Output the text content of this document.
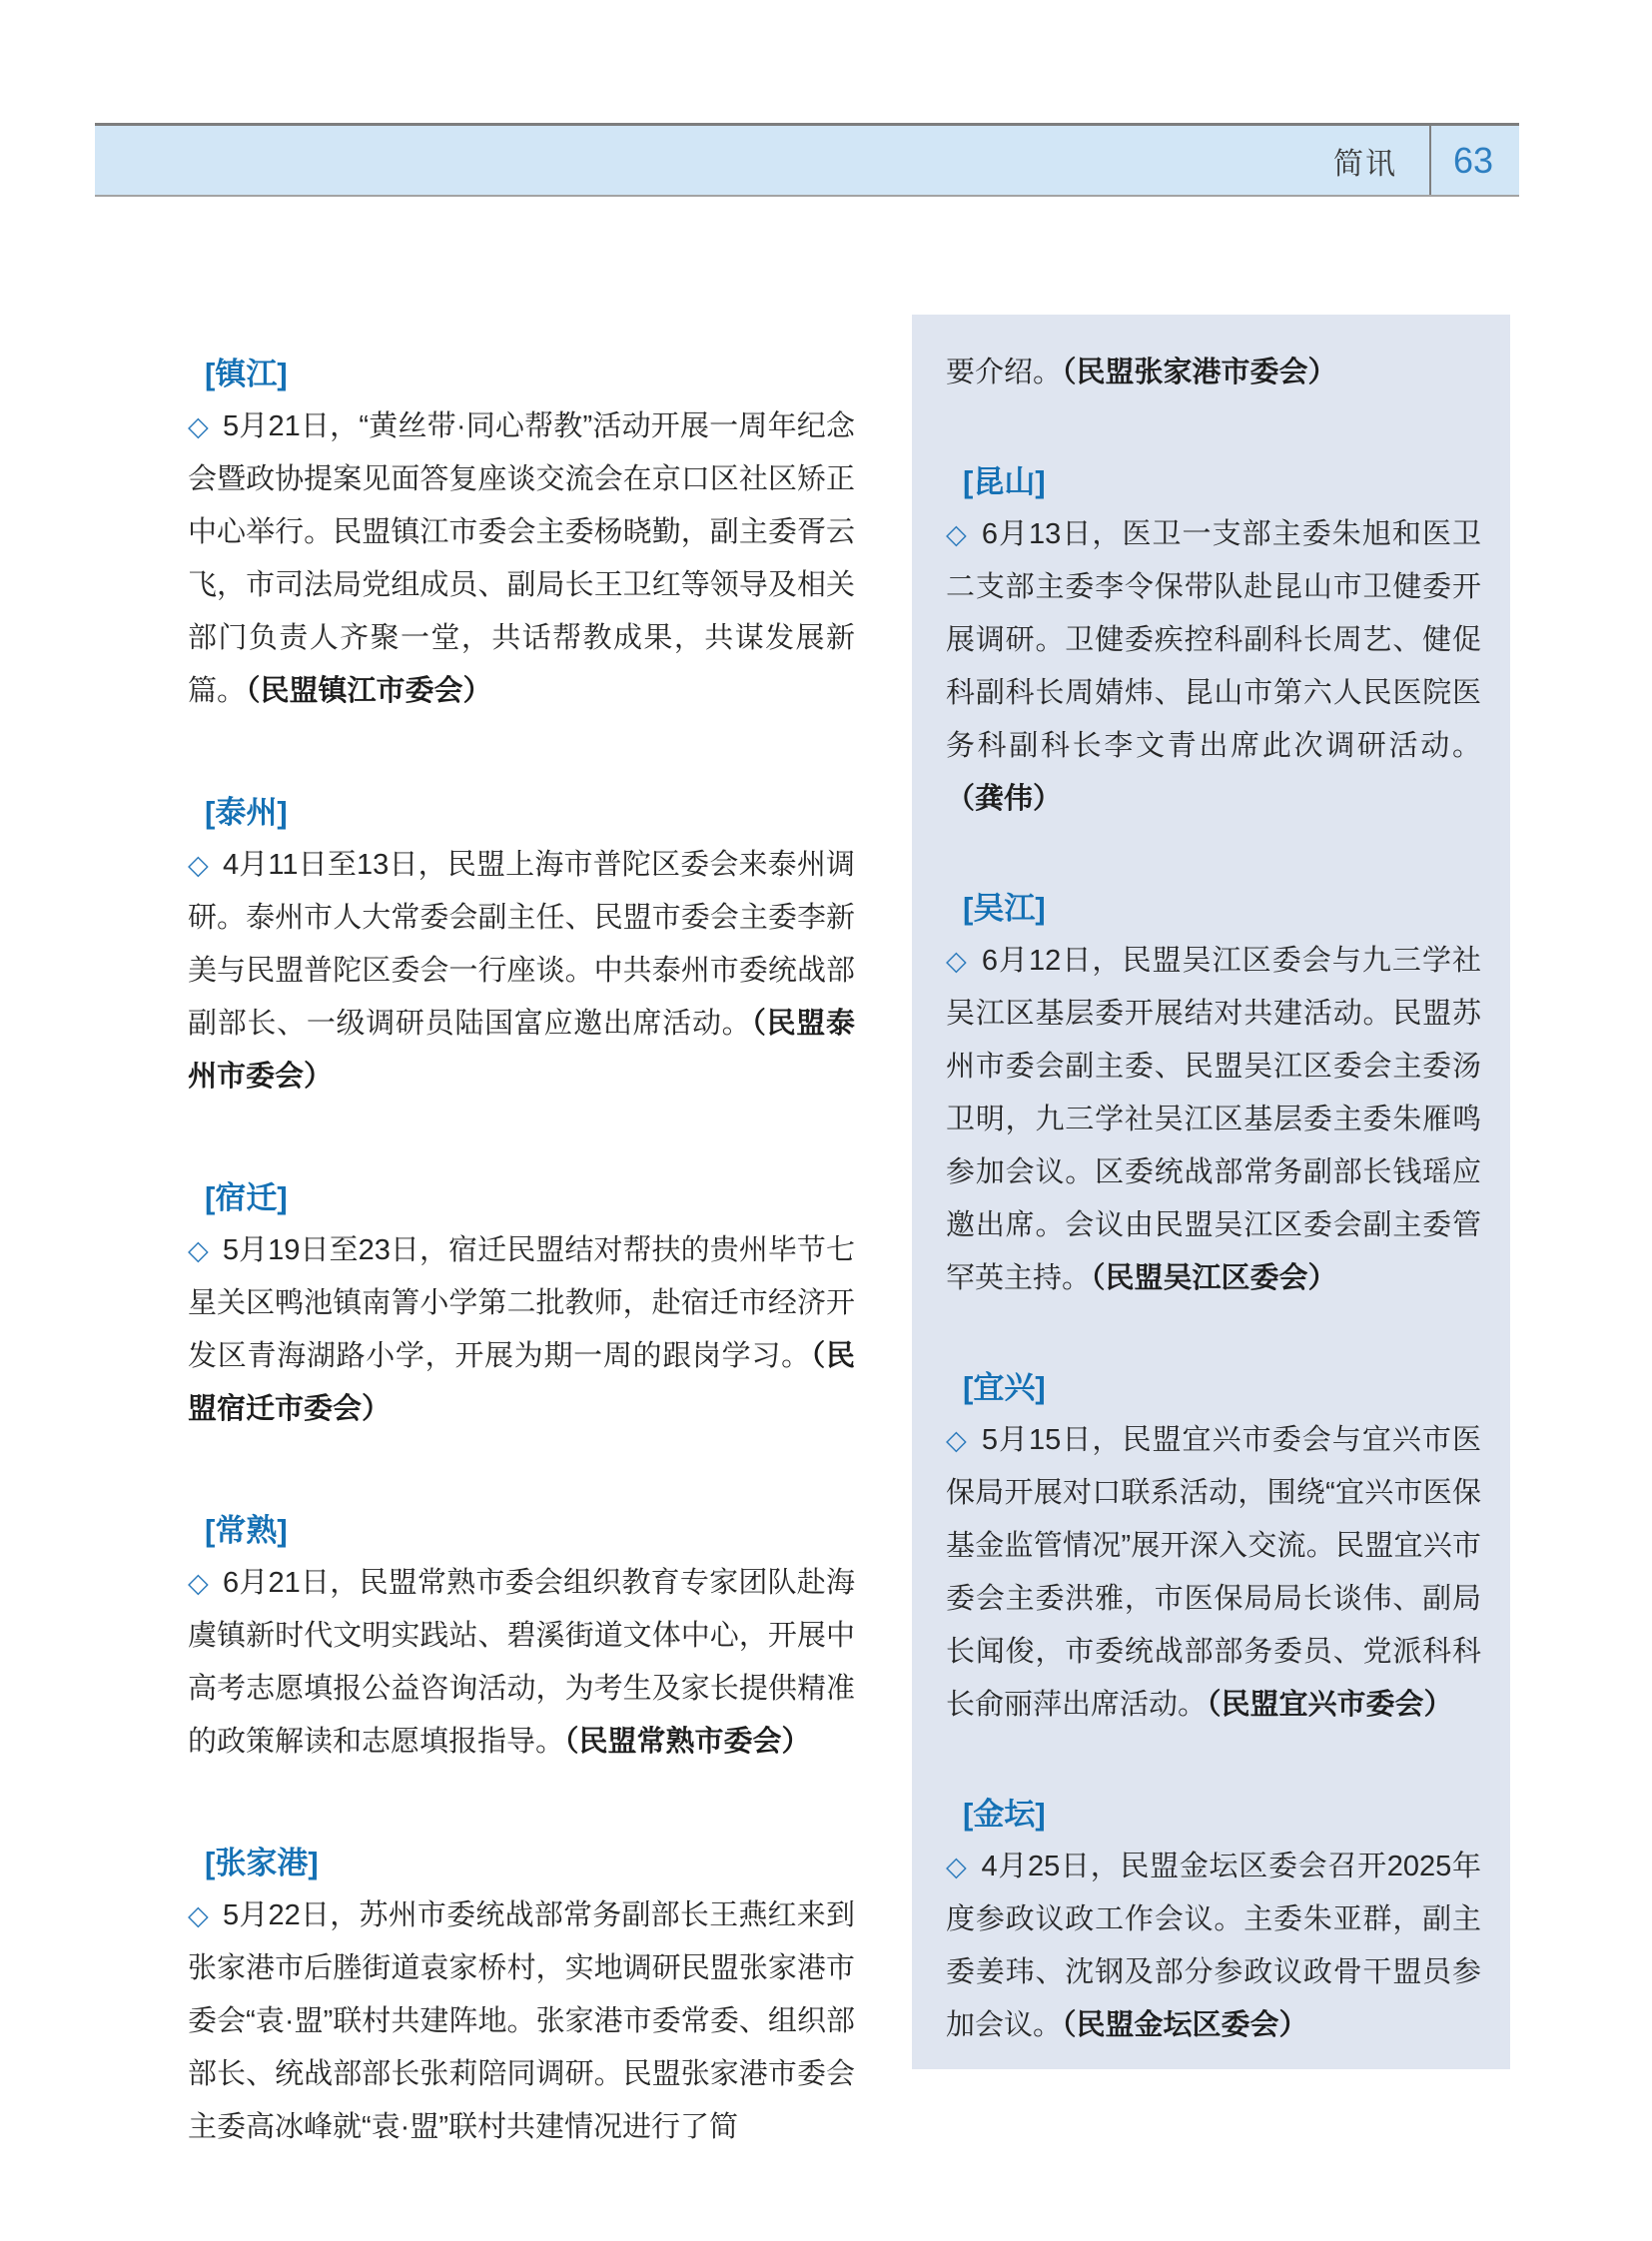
简讯 63
[镇江]
◇ 5月21日，“黄丝带·同心帮教”活动开展一周年纪念会暨政协提案见面答复座谈交流会在京口区社区矫正中心举行。民盟镇江市委会主委杨晓勤，副主委胥云飞，市司法局党组成员、副局长王卫红等领导及相关部门负责人齐聚一堂，共话帮教成果，共谋发展新篇。（民盟镇江市委会）
[泰州]
◇ 4月11日至13日，民盟上海市普陀区委会来泰州调研。泰州市人大常委会副主任、民盟市委会主委李新美与民盟普陀区委会一行座谈。中共泰州市委统战部副部长、一级调研员陆国富应邀出席活动。（民盟泰州市委会）
[宿迁]
◇ 5月19日至23日，宿迁民盟结对帮扶的贵州毕节七星关区鸭池镇南箐小学第二批教师，赴宿迁市经济开发区青海湖路小学，开展为期一周的跟岗学习。（民盟宿迁市委会）
[常熟]
◇ 6月21日，民盟常熟市委会组织教育专家团队赴海虞镇新时代文明实践站、碧溪街道文体中心，开展中高考志愿填报公益咨询活动，为考生及家长提供精准的政策解读和志愿填报指导。（民盟常熟市委会）
[张家港]
◇ 5月22日，苏州市委统战部常务副部长王燕红来到张家港市后塍街道袁家桥村，实地调研民盟张家港市委会“袁·盟”联村共建阵地。张家港市委常委、组织部部长、统战部部长张莉陪同调研。民盟张家港市委会主委高冰峰就“袁·盟”联村共建情况进行了简
要介绍。（民盟张家港市委会）
[昆山]
◇ 6月13日，医卫一支部主委朱旭和医卫二支部主委李令保带队赴昆山市卫健委开展调研。卫健委疾控科副科长周艺、健促科副科长周婧炜、昆山市第六人民医院医务科副科长李文青出席此次调研活动。（龚伟）
[吴江]
◇ 6月12日，民盟吴江区委会与九三学社吴江区基层委开展结对共建活动。民盟苏州市委会副主委、民盟吴江区委会主委汤卫明，九三学社吴江区基层委主委朱雁鸣参加会议。区委统战部常务副部长钱瑶应邀出席。会议由民盟吴江区委会副主委管罕英主持。（民盟吴江区委会）
[宜兴]
◇ 5月15日，民盟宜兴市委会与宜兴市医保局开展对口联系活动，围绕“宜兴市医保基金监管情况”展开深入交流。民盟宜兴市委会主委洪雅，市医保局局长谈伟、副局长闻俊，市委统战部部务委员、党派科科长俞丽萍出席活动。（民盟宜兴市委会）
[金坛]
◇ 4月25日，民盟金坛区委会召开2025年度参政议政工作会议。主委朱亚群，副主委姜玮、沈钢及部分参政议政骨干盟员参加会议。（民盟金坛区委会）
